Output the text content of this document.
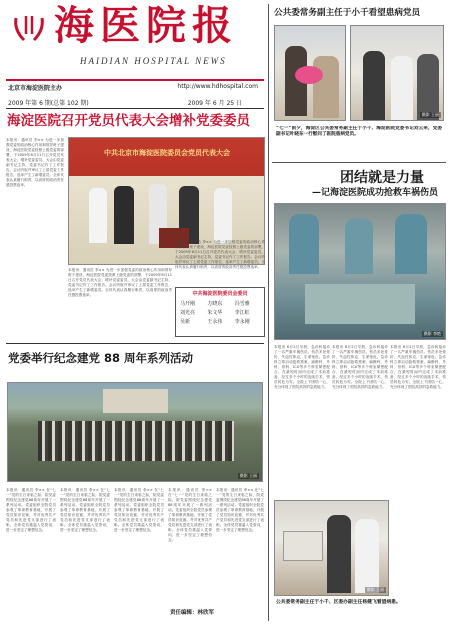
海医院报
HAIDIAN HOSPITAL NEWS
北京市海淀医院主办	http://www.hdhospital.com
2009 年第 6 期(总第 102 期)	2009 年 6 月 25 日
海淀医院召开党员代表大会增补党委委员
本报讯：通讯员 李×× 为进一步加强党委的政治核心作用和领导班子建设，海淀医院党委按照上级党委的部署，于2009年6月11日召开党员代表大会，增补党委委员。大会由党委副书记主持，党委书记作了工作报告。会议听取并审议了上届党委工作报告，选举产生了新增委员。全体代表认真履行职责，以高度的政治责任感投票选举。
中共北京市海淀医院委员会党员代表大会
本报讯：通讯员 李×× 为进一步加强党委的政治核心作用和领导班子建设，海淀医院党委按照上级党委的部署，于2009年6月11日召开党员代表大会，增补党委委员。大会由党委副书记主持，党委书记作了工作报告。会议听取并审议了上届党委工作报告，选举产生了新增委员。全体代表认真履行职责，以高度的政治责任感投票选举。	中共海淀医院委员会委员
马开刚	方晓东	冯雪雅
刘光亮	朱文华	李江虹
吴新	王永伟	李永刚
本报讯：通讯员 李×× 为进一步加强党委的政治核心作用和领导班子建设，海淀医院党委按照上级党委的部署，于2009年6月11日召开党员代表大会，增补党委委员。大会由党委副书记主持，党委书记作了工作报告。会议听取并审议了上届党委工作报告，选举产生了新增委员。全体代表认真履行职责，以高度的政治责任感投票选举。
党委举行纪念建党 88 周年系列活动
摄影 王丽
本报讯：通讯员 李×× 在“七一”党的生日来临之际，院党委围绕纪念建党88周年开展了一系列活动。党委组织全院党员参观了革命教育基地，开展了党员知识竞赛，并对优秀共产党员和先进党支部进行了表彰。全体党员重温入党誓词，进一步坚定了理想信念。
本报讯：通讯员 李×× 在“七一”党的生日来临之际，院党委围绕纪念建党88周年开展了一系列活动。党委组织全院党员参观了革命教育基地，开展了党员知识竞赛，并对优秀共产党员和先进党支部进行了表彰。全体党员重温入党誓词，进一步坚定了理想信念。
本报讯：通讯员 李×× 在“七一”党的生日来临之际，院党委围绕纪念建党88周年开展了一系列活动。党委组织全院党员参观了革命教育基地，开展了党员知识竞赛，并对优秀共产党员和先进党支部进行了表彰。全体党员重温入党誓词，进一步坚定了理想信念。
本报讯：通讯员 李×× 在“七一”党的生日来临之际，院党委围绕纪念建党88周年开展了一系列活动。党委组织全院党员参观了革命教育基地，开展了党员知识竞赛，并对优秀共产党员和先进党支部进行了表彰。全体党员重温入党誓词，进一步坚定了理想信念。
本报讯：通讯员 李×× 在“七一”党的生日来临之际，院党委围绕纪念建党88周年开展了一系列活动。党委组织全院党员参观了革命教育基地，开展了党员知识竞赛，并对优秀共产党员和先进党支部进行了表彰。全体党员重温入党誓词，进一步坚定了理想信念。
责任编辑：林欣军
公共委常务副主任于小千看望患病党员
摄影 王丽
“七一”前夕，海淀区公共委常务副主任于小千、海淀医院党委书记刘云来，党委副书记叶晓东一行慰问了医院患病党员。
团结就是力量
—记海淀医院成功抢救车祸伤员
摄影 李艳
本报讯 6月2日早晨，急诊科接诊了一名严重车祸伤员。伤员多处骨折，失血性休克，生命垂危。急诊科立即启动抢救预案，麻醉科、外科、骨科、ICU等多个科室紧密配合，在最短时间内完成了术前准备，经过多个小时的连续手术，伤员转危为安。全院上下团结一心，充分体现了医院高效的急救能力。
本报讯 6月2日早晨，急诊科接诊了一名严重车祸伤员。伤员多处骨折，失血性休克，生命垂危。急诊科立即启动抢救预案，麻醉科、外科、骨科、ICU等多个科室紧密配合，在最短时间内完成了术前准备，经过多个小时的连续手术，伤员转危为安。全院上下团结一心，充分体现了医院高效的急救能力。
本报讯 6月2日早晨，急诊科接诊了一名严重车祸伤员。伤员多处骨折，失血性休克，生命垂危。急诊科立即启动抢救预案，麻醉科、外科、骨科、ICU等多个科室紧密配合，在最短时间内完成了术前准备，经过多个小时的连续手术，伤员转危为安。全院上下团结一心，充分体现了医院高效的急救能力。
摄影 王丽
公共委常务副主任于小千、区委办副主任杨健飞看望病患。
